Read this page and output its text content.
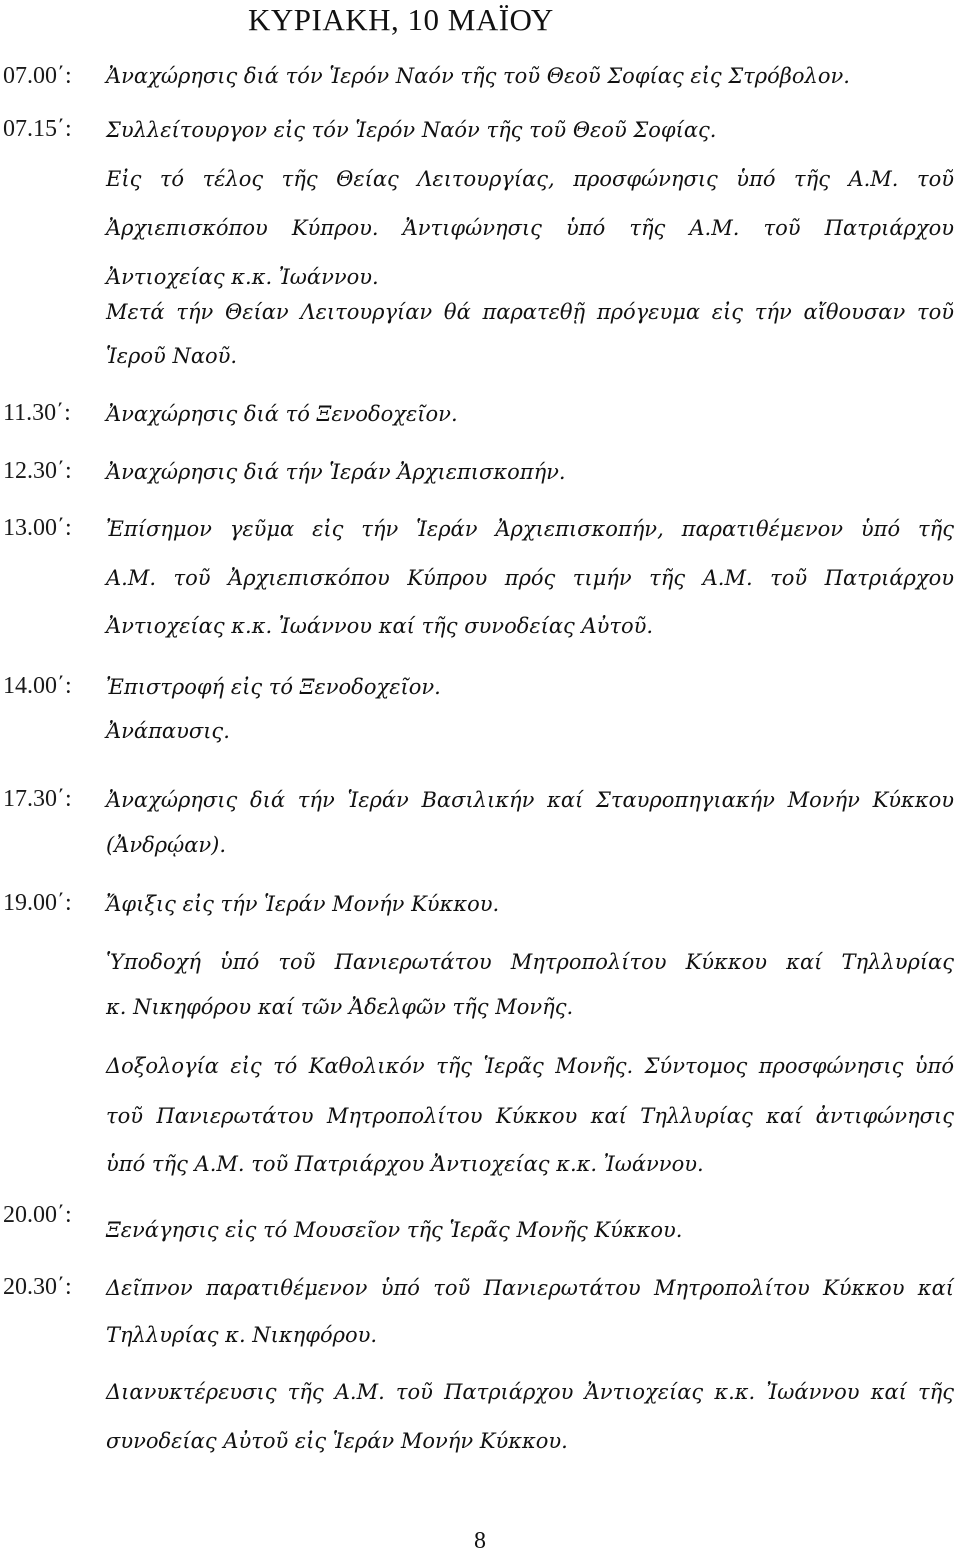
ΚΥΡΙΑΚΗ, 10 ΜΑΪΟΥ
07.00΄:
07.15΄:
11.30΄:
12.30΄:
13.00΄:
14.00΄:
17.30΄:
19.00΄:
20.00΄:
20.30΄:
Ἀναχώρησις διά τόν Ἱερόν Ναόν τῆς τοῦ Θεοῦ Σοφίας εἰς Στρόβολον.
Συλλείτουργον εἰς τόν Ἱερόν Ναόν τῆς τοῦ Θεοῦ Σοφίας.
Εἰς τό τέλος τῆς Θείας Λειτουργίας, προσφώνησις ὑπό τῆς Α.Μ. τοῦ
Ἀρχιεπισκόπου Κύπρου. Ἀντιφώνησις ὑπό τῆς Α.Μ. τοῦ Πατριάρχου
Ἀντιοχείας κ.κ. Ἰωάννου.
Μετά τήν Θείαν Λειτουργίαν θά παρατεθῇ πρόγευμα εἰς τήν αἴθουσαν τοῦ
Ἱεροῦ Ναοῦ.
Ἀναχώρησις διά τό Ξενοδοχεῖον.
Ἀναχώρησις διά τήν Ἱεράν Ἀρχιεπισκοπήν.
Ἐπίσημον γεῦμα εἰς τήν Ἱεράν Ἀρχιεπισκοπήν, παρατιθέμενον ὑπό τῆς
Α.Μ. τοῦ Ἀρχιεπισκόπου Κύπρου πρός τιμήν τῆς Α.Μ. τοῦ Πατριάρχου
Ἀντιοχείας κ.κ. Ἰωάννου καί τῆς συνοδείας Αὐτοῦ.
Ἐπιστροφή εἰς τό Ξενοδοχεῖον.
Ἀνάπαυσις.
Ἀναχώρησις διά τήν Ἱεράν Βασιλικήν καί Σταυροπηγιακήν Μονήν Κύκκου
(Ἀνδρῴαν).
Ἄφιξις εἰς τήν Ἱεράν Μονήν Κύκκου.
Ὑποδοχή ὑπό τοῦ Πανιερωτάτου Μητροπολίτου Κύκκου καί Τηλλυρίας
κ. Νικηφόρου καί τῶν Ἀδελφῶν τῆς Μονῆς.
Δοξολογία εἰς τό Καθολικόν τῆς Ἱερᾶς Μονῆς. Σύντομος προσφώνησις ὑπό
τοῦ Πανιερωτάτου Μητροπολίτου Κύκκου καί Τηλλυρίας καί ἀντιφώνησις
ὑπό τῆς Α.Μ. τοῦ Πατριάρχου Ἀντιοχείας κ.κ. Ἰωάννου.
Ξενάγησις εἰς τό Μουσεῖον τῆς Ἱερᾶς Μονῆς Κύκκου.
Δεῖπνον παρατιθέμενον ὑπό τοῦ Πανιερωτάτου Μητροπολίτου Κύκκου καί
Τηλλυρίας κ. Νικηφόρου.
Διανυκτέρευσις τῆς Α.Μ. τοῦ Πατριάρχου Ἀντιοχείας κ.κ. Ἰωάννου καί τῆς
συνοδείας Αὐτοῦ εἰς Ἱεράν Μονήν Κύκκου.
8
